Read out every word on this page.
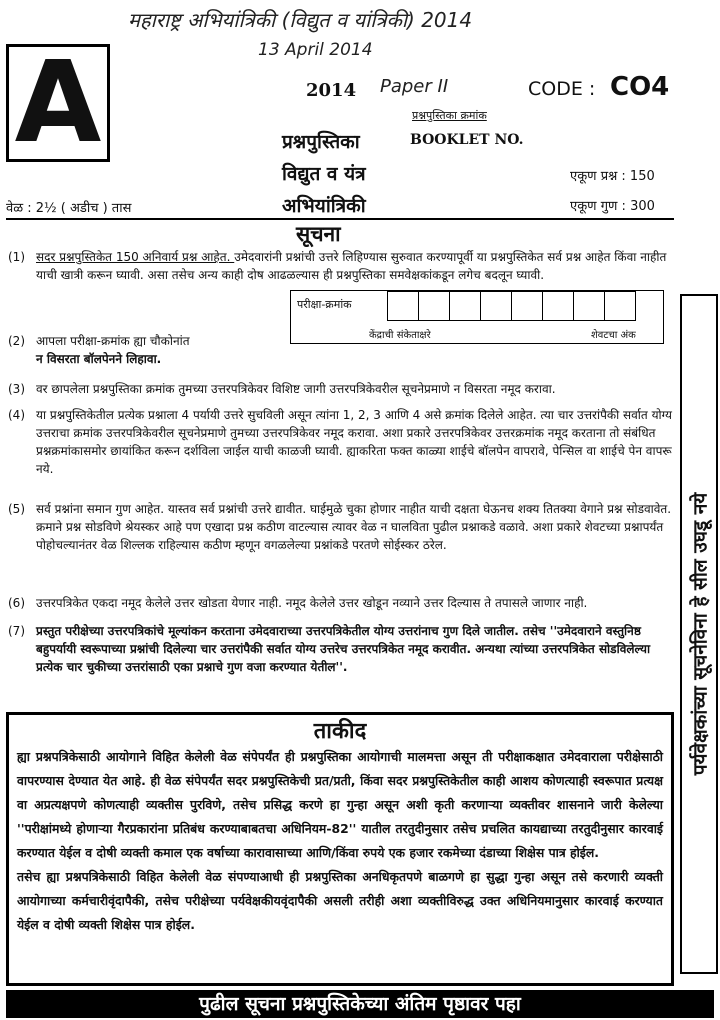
महाराष्ट्र अभियांत्रिकी (विद्युत व यांत्रिकी) 2014
13 April 2014
Paper II
A	2014	CODE : CO4
प्रश्नपुस्तिका क्रमांक
BOOKLET NO.
प्रश्नपुस्तिका
विद्युत व यंत्र
अभियांत्रिकी
एकूण प्रश्न : 150
एकूण गुण : 300
वेळ : 2½ ( अडीच ) तास
सूचना
(1) सदर प्रश्नपुस्तिकेत 150 अनिवार्य प्रश्न आहेत. उमेदवारांनी प्रश्नांची उत्तरे लिहिण्यास सुरुवात करण्यापूर्वी या प्रश्नपुस्तिकेत सर्व प्रश्न आहेत किंवा नाहीत याची खात्री करून घ्यावी. असा तसेच अन्य काही दोष आढळल्यास ही प्रश्नपुस्तिका समवेक्षकांकडून लगेच बदलून घ्यावी.
परीक्षा-क्रमांक
केंद्राची संकेताक्षरे	शेवटचा अंक
(2) आपला परीक्षा-क्रमांक ह्या चौकोनांत
न विसरता बॉलपेनने लिहावा.
(3) वर छापलेला प्रश्नपुस्तिका क्रमांक तुमच्या उत्तरपत्रिकेवर विशिष्ट जागी उत्तरपत्रिकेवरील सूचनेप्रमाणे न विसरता नमूद करावा.
(4) या प्रश्नपुस्तिकेतील प्रत्येक प्रश्नाला 4 पर्यायी उत्तरे सुचविली असून त्यांना 1, 2, 3 आणि 4 असे क्रमांक दिलेले आहेत. त्या चार उत्तरांपैकी सर्वात योग्य उत्तराचा क्रमांक उत्तरपत्रिकेवरील सूचनेप्रमाणे तुमच्या उत्तरपत्रिकेवर नमूद करावा. अशा प्रकारे उत्तरपत्रिकेवर उत्तरक्रमांक नमूद करताना तो संबंधित प्रश्नक्रमांकासमोर छायांकित करून दर्शविला जाईल याची काळजी घ्यावी. ह्याकरिता फक्त काळ्या शाईचे बॉलपेन वापरावे, पेन्सिल वा शाईचे पेन वापरू नये.
(5) सर्व प्रश्नांना समान गुण आहेत. यास्तव सर्व प्रश्नांची उत्तरे द्यावीत. घाईमुळे चुका होणार नाहीत याची दक्षता घेऊनच शक्य तितक्या वेगाने प्रश्न सोडवावेत. क्रमाने प्रश्न सोडविणे श्रेयस्कर आहे पण एखादा प्रश्न कठीण वाटल्यास त्यावर वेळ न घालविता पुढील प्रश्नाकडे वळावे. अशा प्रकारे शेवटच्या प्रश्नापर्यंत पोहोचल्यानंतर वेळ शिल्लक राहिल्यास कठीण म्हणून वगळलेल्या प्रश्नांकडे परतणे सोईस्कर ठरेल.
(6) उत्तरपत्रिकेत एकदा नमूद केलेले उत्तर खोडता येणार नाही. नमूद केलेले उत्तर खोडून नव्याने उत्तर दिल्यास ते तपासले जाणार नाही.
(7) प्रस्तुत परीक्षेच्या उत्तरपत्रिकांचे मूल्यांकन करताना उमेदवाराच्या उत्तरपत्रिकेतील योग्य उत्तरांनाच गुण दिले जातील. तसेच ''उमेदवाराने वस्तुनिष्ठ बहुपर्यायी स्वरूपाच्या प्रश्नांची दिलेल्या चार उत्तरांपैकी सर्वात योग्य उत्तरेच उत्तरपत्रिकेत नमूद करावीत. अन्यथा त्यांच्या उत्तरपत्रिकेत सोडविलेल्या प्रत्येक चार चुकीच्या उत्तरांसाठी एका प्रश्नाचे गुण वजा करण्यात येतील''.
ताकीद
ह्या प्रश्नपत्रिकेसाठी आयोगाने विहित केलेली वेळ संपेपर्यंत ही प्रश्नपुस्तिका आयोगाची मालमत्ता असून ती परीक्षाकक्षात उमेदवाराला परीक्षेसाठी वापरण्यास देण्यात येत आहे. ही वेळ संपेपर्यंत सदर प्रश्नपुस्तिकेची प्रत/प्रती, किंवा सदर प्रश्नपुस्तिकेतील काही आशय कोणत्याही स्वरूपात प्रत्यक्ष वा अप्रत्यक्षपणे कोणत्याही व्यक्तीस पुरविणे, तसेच प्रसिद्ध करणे हा गुन्हा असून अशी कृती करणाऱ्या व्यक्तीवर शासनाने जारी केलेल्या ''परीक्षांमध्ये होणाऱ्या गैरप्रकारांना प्रतिबंध करण्याबाबतचा अधिनियम-82'' यातील तरतुदीनुसार तसेच प्रचलित कायद्याच्या तरतुदीनुसार कारवाई करण्यात येईल व दोषी व्यक्ती कमाल एक वर्षाच्या कारावासाच्या आणि/किंवा रुपये एक हजार रकमेच्या दंडाच्या शिक्षेस पात्र होईल.
तसेच ह्या प्रश्नपत्रिकेसाठी विहित केलेली वेळ संपण्याआधी ही प्रश्नपुस्तिका अनधिकृतपणे बाळगणे हा सुद्धा गुन्हा असून तसे करणारी व्यक्ती आयोगाच्या कर्मचारीवृंदापैकी, तसेच परीक्षेच्या पर्यवेक्षकीयवृंदापैकी असली तरीही अशा व्यक्तीविरुद्ध उक्त अधिनियमानुसार कारवाई करण्यात येईल व दोषी व्यक्ती शिक्षेस पात्र होईल.
पर्यवेक्षकांच्या सूचनेविना हे सील उघडू नये
पुढील सूचना प्रश्नपुस्तिकेच्या अंतिम पृष्ठावर पहा
